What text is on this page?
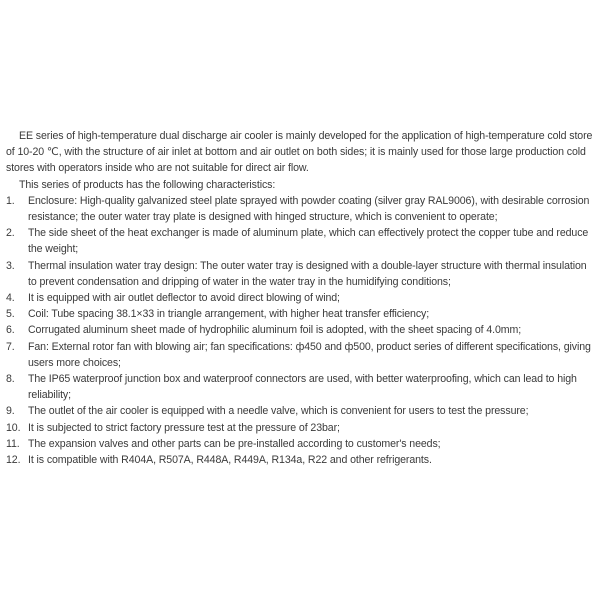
EE series of high-temperature dual discharge air cooler is mainly developed for the application of high-temperature cold store of 10-20 ℃, with the structure of air inlet at bottom and air outlet on both sides; it is mainly used for those large production cold stores with operators inside who are not suitable for direct air flow.

This series of products has the following characteristics:

1.	Enclosure: High-quality galvanized steel plate sprayed with powder coating (silver gray RAL9006), with desirable corrosion resistance; the outer water tray plate is designed with hinged structure, which is convenient to operate;
2.	The side sheet of the heat exchanger is made of aluminum plate, which can effectively protect the copper tube and reduce the weight;
3.	Thermal insulation water tray design: The outer water tray is designed with a double-layer structure with thermal insulation to prevent condensation and dripping of water in the water tray in the humidifying conditions;
4.	It is equipped with air outlet deflector to avoid direct blowing of wind;
5.	Coil: Tube spacing 38.1×33 in triangle arrangement, with higher heat transfer efficiency;
6.	Corrugated aluminum sheet made of hydrophilic aluminum foil is adopted, with the sheet spacing of 4.0mm;
7.	Fan: External rotor fan with blowing air; fan specifications: ф450 and ф500, product series of different specifications, giving users more choices;
8.	The IP65 waterproof junction box and waterproof connectors are used, with better waterproofing, which can lead to high reliability;
9.	The outlet of the air cooler is equipped with a needle valve, which is convenient for users to test the pressure;
10. It is subjected to strict factory pressure test at the pressure of 23bar;
11. The expansion valves and other parts can be pre-installed according to customer's needs;
12. It is compatible with R404A, R507A, R448A, R449A, R134a, R22 and other refrigerants.
